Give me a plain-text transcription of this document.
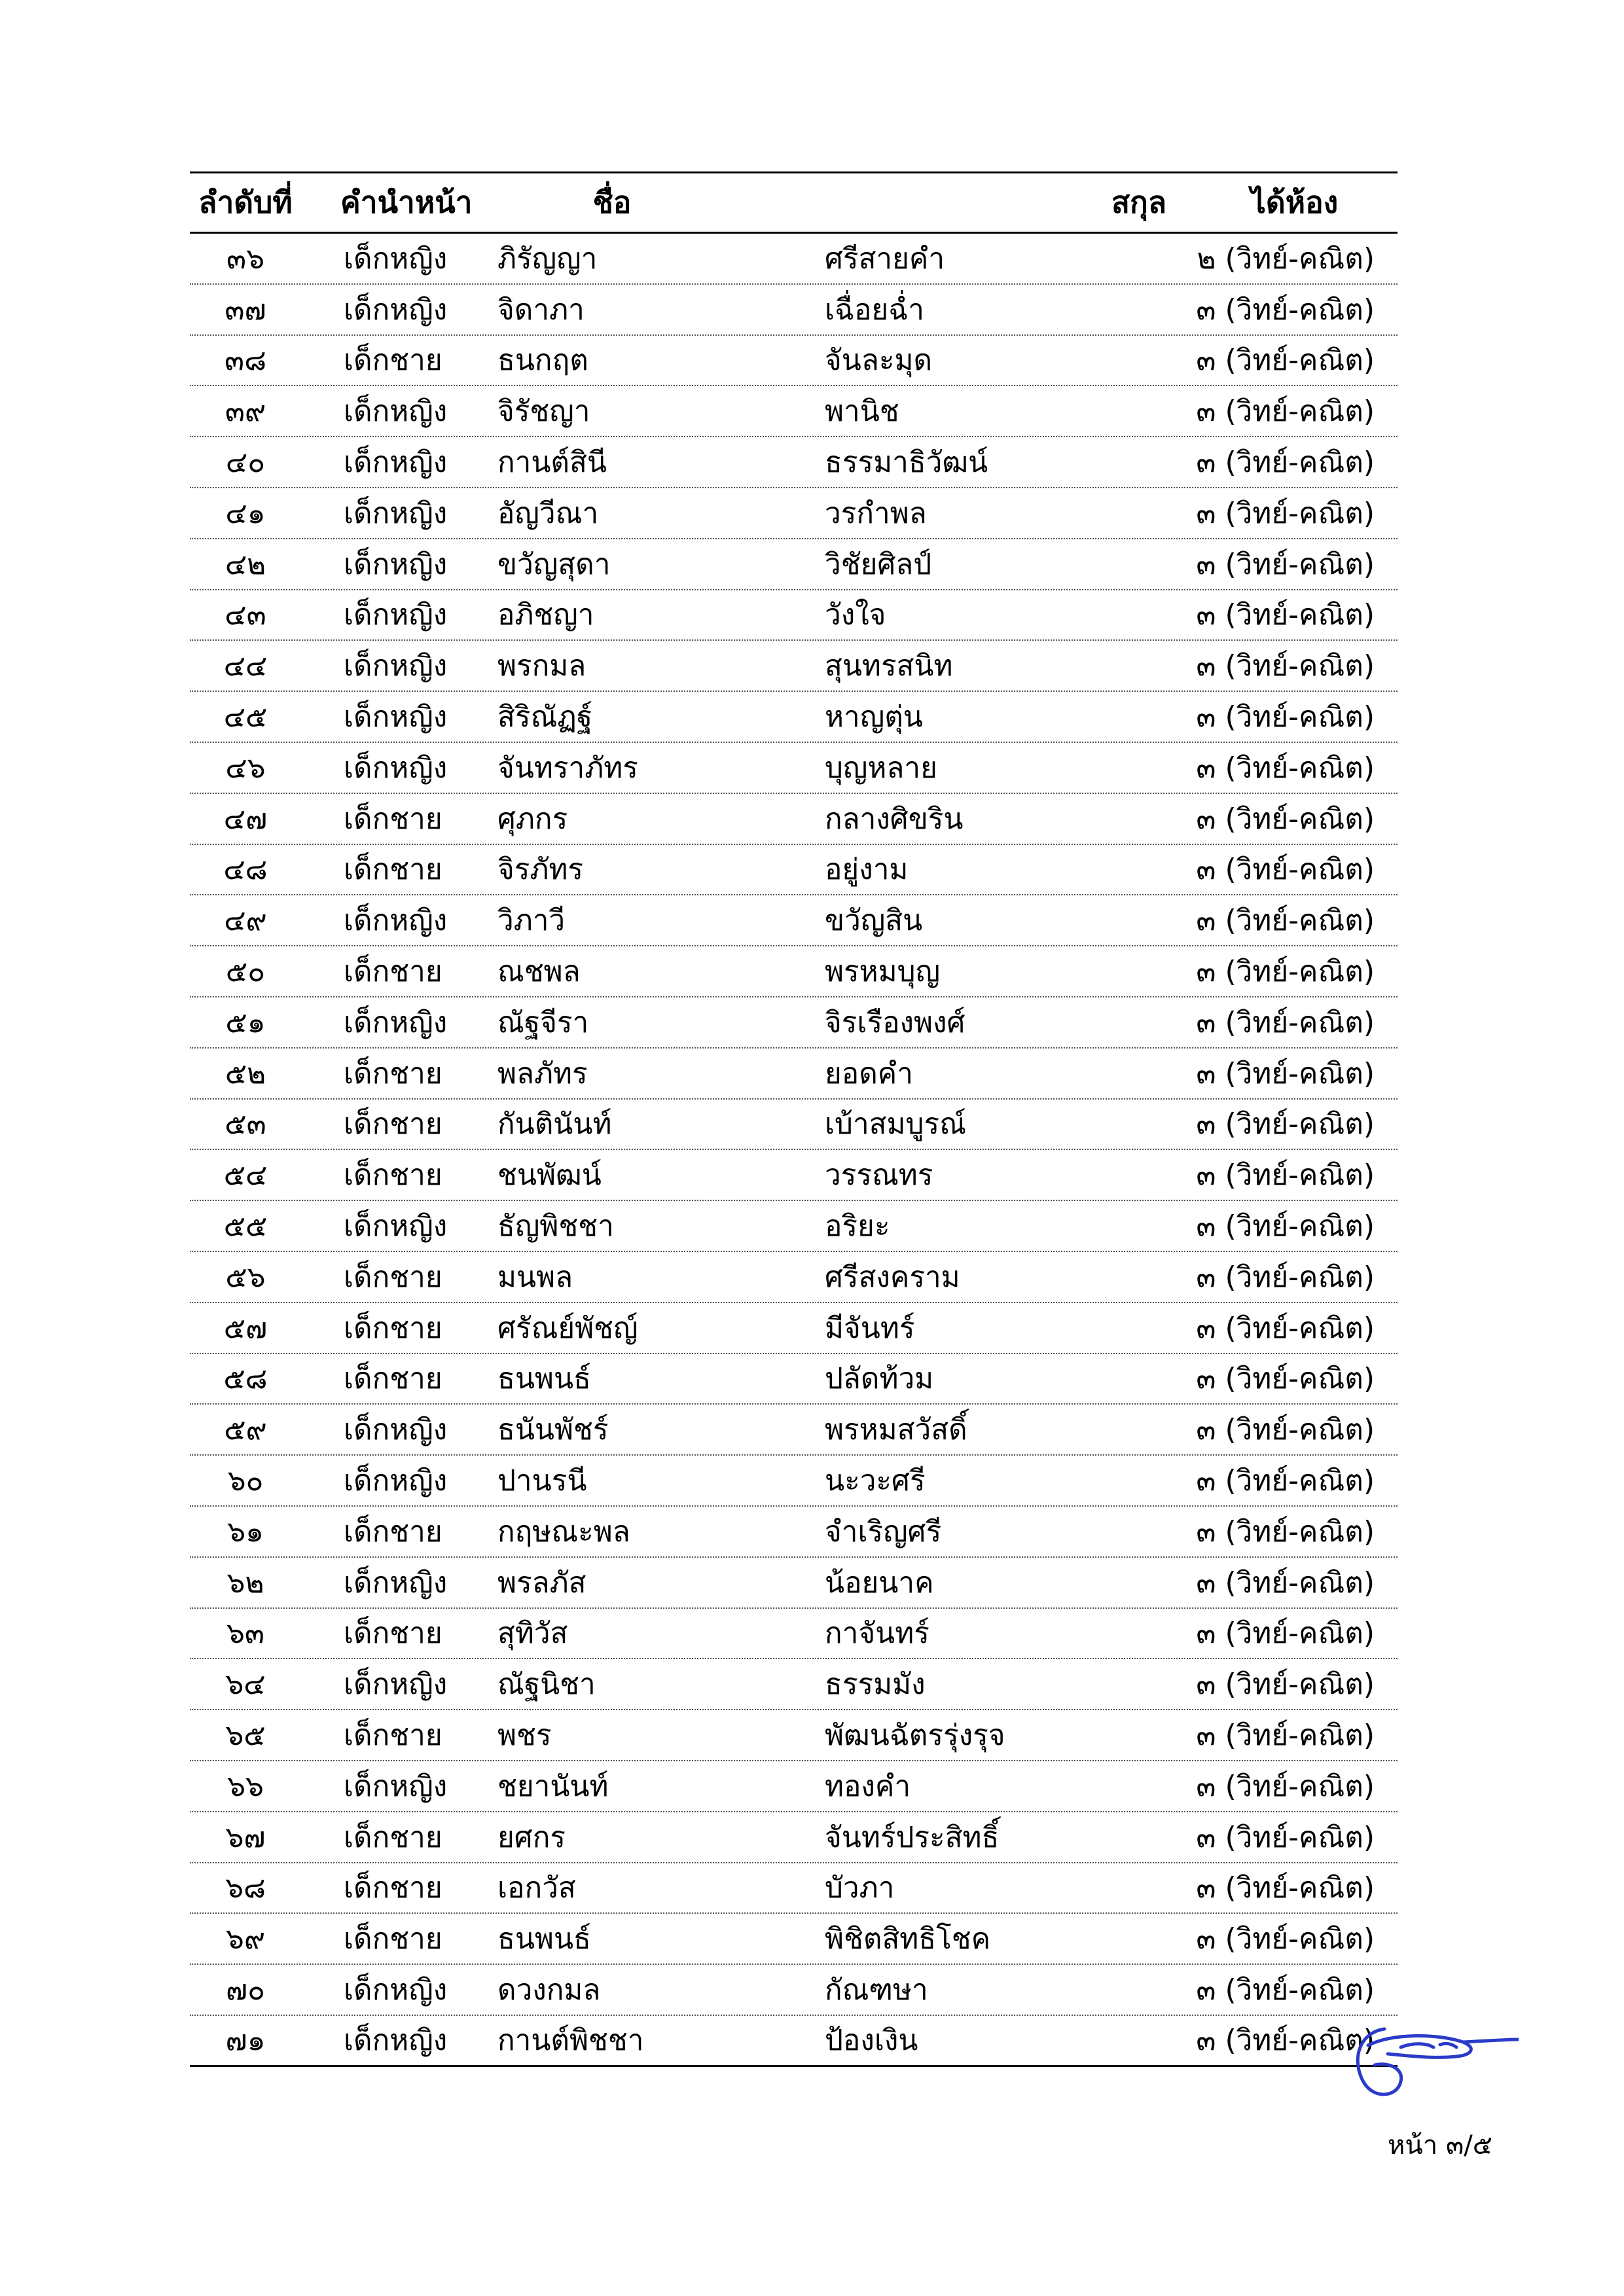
ลำดับที่ คำนำหน้า	ชื่อ	สกุล	ได้ห้อง
๓๖	เด็กหญิง	ภิรัญญา	ศรีสายคำ	๒ (วิทย์-คณิต)
๓๗	เด็กหญิง	จิดาภา	เฉื่อยฉ่ำ	๓ (วิทย์-คณิต)
๓๘	เด็กชาย	ธนกฤต	จันละมุด	๓ (วิทย์-คณิต)
๓๙	เด็กหญิง	จิรัชญา	พานิช	๓ (วิทย์-คณิต)
๔๐	เด็กหญิง	กานต์สินี	ธรรมาธิวัฒน์	๓ (วิทย์-คณิต)
๔๑	เด็กหญิง	อัญวีณา	วรกำพล	๓ (วิทย์-คณิต)
๔๒	เด็กหญิง	ขวัญสุดา	วิชัยศิลป์	๓ (วิทย์-คณิต)
๔๓	เด็กหญิง	อภิชญา	วังใจ	๓ (วิทย์-คณิต)
๔๔	เด็กหญิง	พรกมล	สุนทรสนิท	๓ (วิทย์-คณิต)
๔๕	เด็กหญิง	สิริณัฏฐ์	หาญตุ่น	๓ (วิทย์-คณิต)
๔๖	เด็กหญิง	จันทราภัทร	บุญหลาย	๓ (วิทย์-คณิต)
๔๗	เด็กชาย	ศุภกร	กลางศิขริน	๓ (วิทย์-คณิต)
๔๘	เด็กชาย	จิรภัทร	อยู่งาม	๓ (วิทย์-คณิต)
๔๙	เด็กหญิง	วิภาวี	ขวัญสิน	๓ (วิทย์-คณิต)
๕๐	เด็กชาย	ณชพล	พรหมบุญ	๓ (วิทย์-คณิต)
๕๑	เด็กหญิง	ณัฐจีรา	จิรเรืองพงศ์	๓ (วิทย์-คณิต)
๕๒	เด็กชาย	พลภัทร	ยอดคำ	๓ (วิทย์-คณิต)
๕๓	เด็กชาย	กันตินันท์	เบ้าสมบูรณ์	๓ (วิทย์-คณิต)
๕๔	เด็กชาย	ชนพัฒน์	วรรณทร	๓ (วิทย์-คณิต)
๕๕	เด็กหญิง	ธัญพิชชา	อริยะ	๓ (วิทย์-คณิต)
๕๖	เด็กชาย	มนพล	ศรีสงคราม	๓ (วิทย์-คณิต)
๕๗	เด็กชาย	ศรัณย์พัชญ์	มีจันทร์	๓ (วิทย์-คณิต)
๕๘	เด็กชาย	ธนพนธ์	ปลัดท้วม	๓ (วิทย์-คณิต)
๕๙	เด็กหญิง	ธนันพัชร์	พรหมสวัสดิ์	๓ (วิทย์-คณิต)
๖๐	เด็กหญิง	ปานรนี	นะวะศรี	๓ (วิทย์-คณิต)
๖๑	เด็กชาย	กฤษณะพล	จำเริญศรี	๓ (วิทย์-คณิต)
๖๒	เด็กหญิง	พรลภัส	น้อยนาค	๓ (วิทย์-คณิต)
๖๓	เด็กชาย	สุทิวัส	กาจันทร์	๓ (วิทย์-คณิต)
๖๔	เด็กหญิง	ณัฐนิชา	ธรรมมัง	๓ (วิทย์-คณิต)
๖๕	เด็กชาย	พชร	พัฒนฉัตรรุ่งรุจ	๓ (วิทย์-คณิต)
๖๖	เด็กหญิง	ชยานันท์	ทองคำ	๓ (วิทย์-คณิต)
๖๗	เด็กชาย	ยศกร	จันทร์ประสิทธิ์	๓ (วิทย์-คณิต)
๖๘	เด็กชาย	เอกวัส	บัวภา	๓ (วิทย์-คณิต)
๖๙	เด็กชาย	ธนพนธ์	พิชิตสิทธิโชค	๓ (วิทย์-คณิต)
๗๐	เด็กหญิง	ดวงกมล	กัณฑษา	๓ (วิทย์-คณิต)
๗๑	เด็กหญิง	กานต์พิชชา	ป้องเงิน	๓ (วิทย์-คณิต)
หน้า ๓/๕
